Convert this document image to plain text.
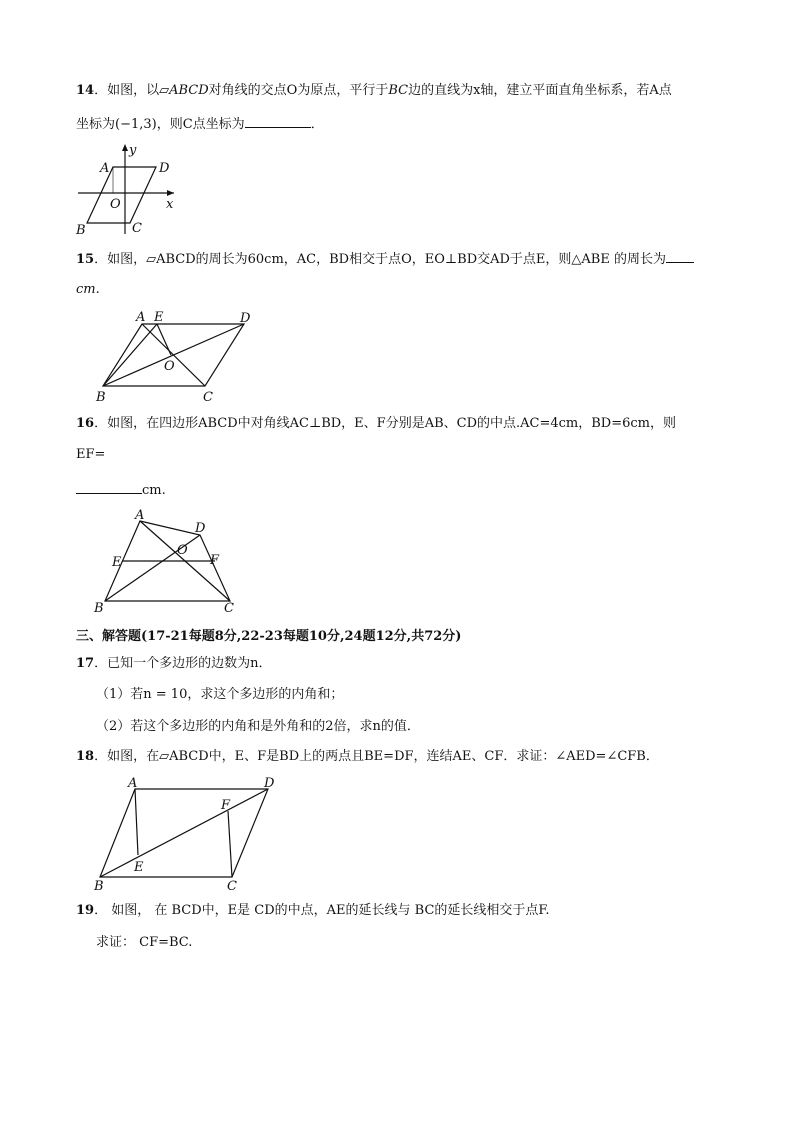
14．如图，以▱ABCD对角线的交点O为原点，平行于BC边的直线为x轴，建立平面直角坐标系，若A点
坐标为(−1,3)，则C点坐标为	．
A	D
B	C
O	x
y
15．如图，▱ABCD的周长为60cm，AC，BD相交于点O，EO⊥BD交AD于点E，则△ABE 的周长为
cm.
A E	D
O
B	C
16．如图，在四边形ABCD中对角线AC⊥BD，E、F分别是AB、CD的中点.AC=4cm，BD=6cm，则
EF=
cm.
A
D
O
E	F
B	C
三、解答题(17-21每题8分,22-23每题10分,24题12分,共72分)
17．已知一个多边形的边数为n．
（1）若n = 10，求这个多边形的内角和；
（2）若这个多边形的内角和是外角和的2倍，求n的值．
18．如图，在▱ABCD中，E、F是BD上的两点且BE=DF，连结AE、CF．求证：∠AED=∠CFB．
A	D
F
E
B	C
19． 如图， 在 BCD中，E是 CD的中点，AE的延长线与 BC的延长线相交于点F.
求证： CF=BC.
